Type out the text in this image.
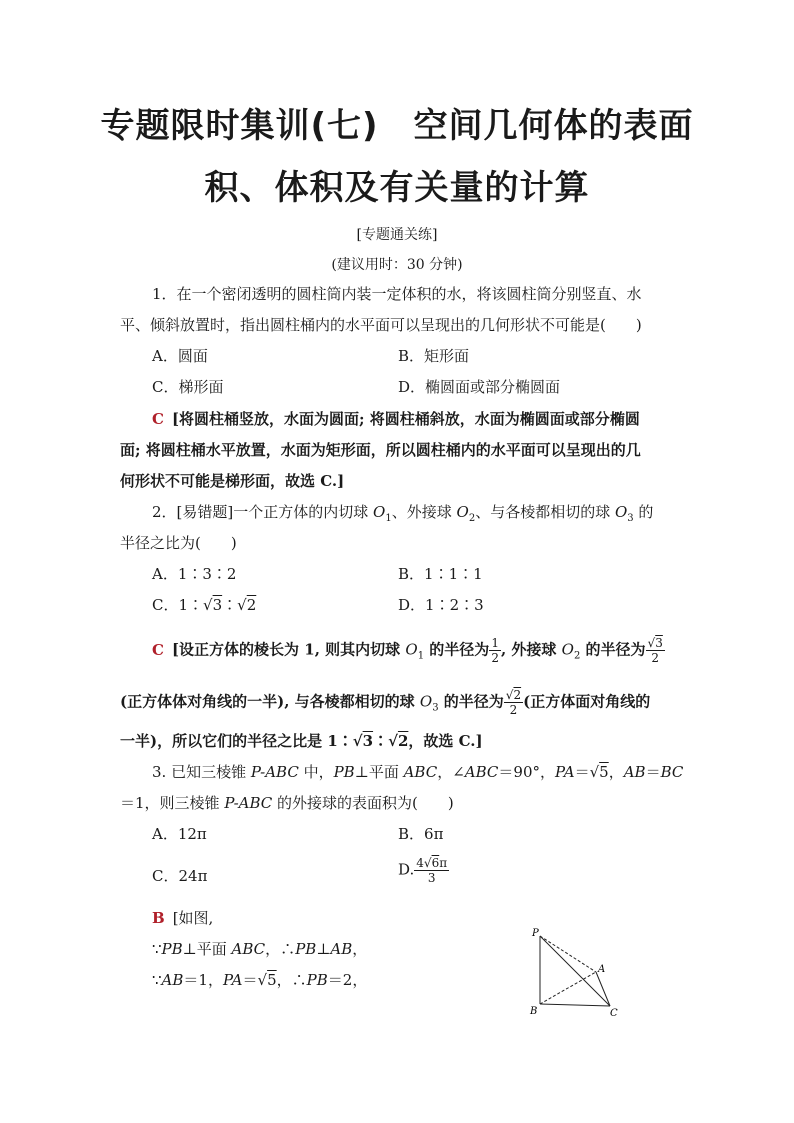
专题限时集训(七)　空间几何体的表面
积、体积及有关量的计算
[专题通关练]
(建议用时：30 分钟)
1．在一个密闭透明的圆柱筒内装一定体积的水，将该圆柱筒分别竖直、水
平、倾斜放置时，指出圆柱桶内的水平面可以呈现出的几何形状不可能是(　　)
A．圆面	B．矩形面
C．梯形面	D．椭圆面或部分椭圆面
C [将圆柱桶竖放，水面为圆面; 将圆柱桶斜放，水面为椭圆面或部分椭圆
面; 将圆柱桶水平放置，水面为矩形面，所以圆柱桶内的水平面可以呈现出的几
何形状不可能是梯形面，故选 C.]
2．[易错题]一个正方体的内切球 $O_1$、外接球 $O_2$、与各棱都相切的球 $O_3$ 的
半径之比为(　　)
A．1∶3∶2	B．1∶1∶1
C．1∶√3∶√2	D．1∶2∶3
C [设正方体的棱长为 1, 则其内切球 $O_1$ 的半径为 $\frac{1}{2}$ , 外接球 $O_2$ 的半径为 $\frac{√3}{2}$
(正方体体对角线的一半), 与各棱都相切的球 $O_3$ 的半径为 $\frac{√2}{2}$ (正方体面对角线的
一半)，所以它们的半径之比是 1∶√3∶√2，故选 C.]
3. 已知三棱锥 P-ABC 中，PB⊥平面 ABC，∠ABC＝90°，PA＝√5，AB＝BC
＝1，则三棱锥 P-ABC 的外接球的表面积为(　　)
A．12π	B．6π
C．24π	D. $\frac{4√6\pi}{3}$
B [如图,
∵PB⊥平面 ABC，∴PB⊥AB，
∵AB＝1，PA＝√5，∴PB＝2，
P
A
B	C
